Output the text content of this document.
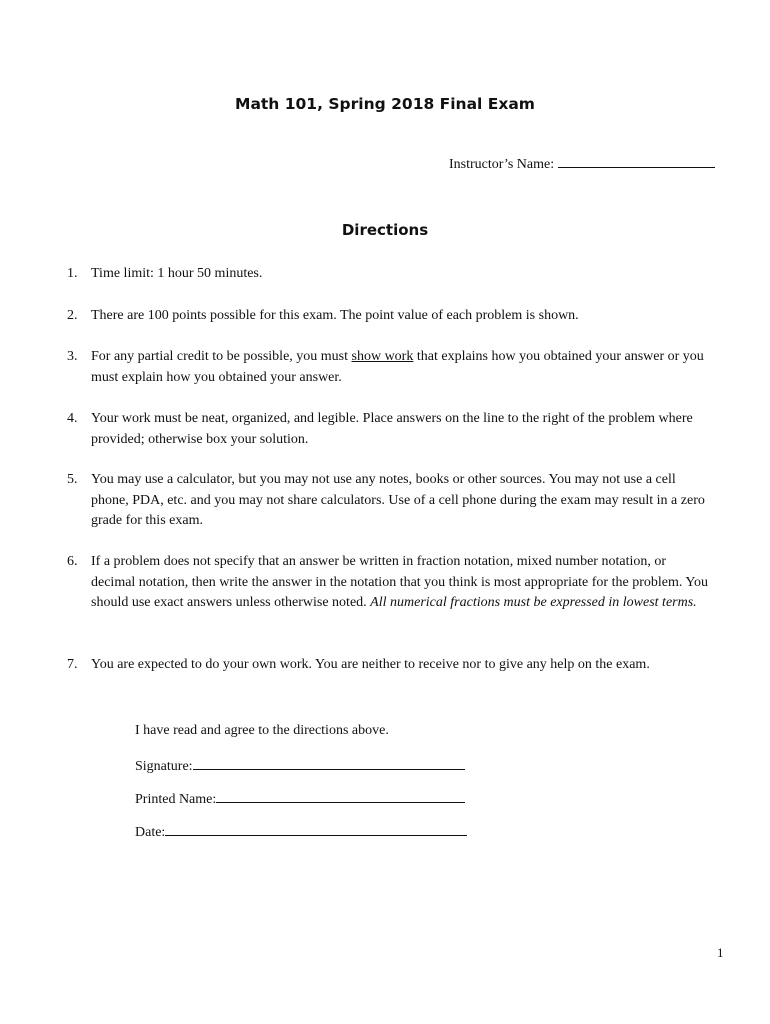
Math 101, Spring 2018 Final Exam
Instructor’s Name:
Directions
1. Time limit: 1 hour 50 minutes.
2. There are 100 points possible for this exam. The point value of each problem is shown.
3. For any partial credit to be possible, you must show work that explains how you obtained your answer or you must explain how you obtained your answer.
4. Your work must be neat, organized, and legible. Place answers on the line to the right of the problem where provided; otherwise box your solution.
5. You may use a calculator, but you may not use any notes, books or other sources. You may not use a cell phone, PDA, etc. and you may not share calculators. Use of a cell phone during the exam may result in a zero grade for this exam.
6. If a problem does not specify that an answer be written in fraction notation, mixed number notation, or decimal notation, then write the answer in the notation that you think is most appropriate for the problem. You should use exact answers unless otherwise noted. All numerical fractions must be expressed in lowest terms.
7. You are expected to do your own work. You are neither to receive nor to give any help on the exam.
I have read and agree to the directions above.
Signature:
Printed Name:
Date:
1
